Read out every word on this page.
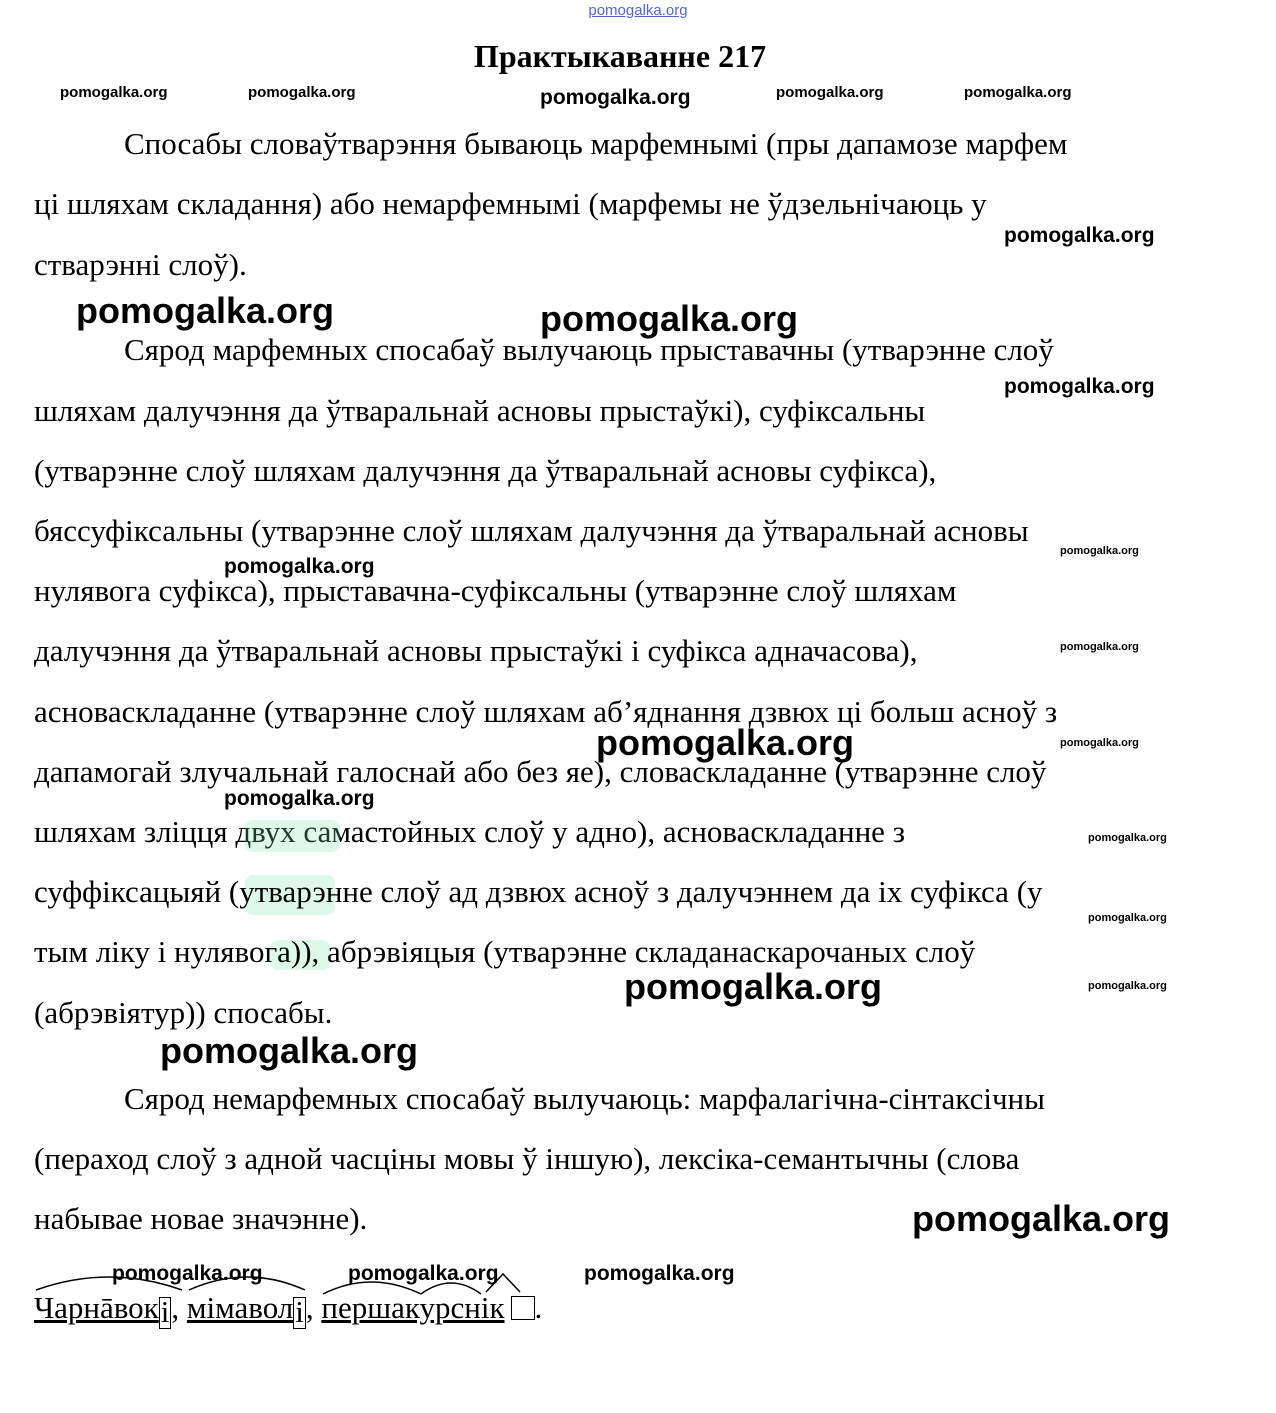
pomogalka.org
Практыкаванне 217
pomogalka.org	pomogalka.org	pomogalka.org	pomogalka.org	pomogalka.org
Спосабы словаўтварэння бываюць марфемнымі (пры дапамозе марфем
ці шляхам складання) або немарфемнымі (марфемы не ўдзельнічаюць у
стварэнні слоў).
pomogalka.org
pomogalka.org	pomogalka.org
Сярод марфемных спосабаў вылучаюць прыставачны (утварэнне слоў
шляхам далучэння да ўтваральнай асновы прыстаўкі), суфіксальны
(утварэнне слоў шляхам далучэння да ўтваральнай асновы суфікса),
бяссуфіксальны (утварэнне слоў шляхам далучэння да ўтваральнай асновы
нулявога суфікса), прыставачна-суфіксальны (утварэнне слоў шляхам
далучэння да ўтваральнай асновы прыстаўкі і суфікса адначасова),
асноваскладанне (утварэнне слоў шляхам аб’яднання дзвюх ці больш асноў з
дапамогай злучальнай галоснай або без яе), словаскладанне (утварэнне слоў
шляхам зліцця двух самастойных слоў у адно), асноваскладанне з
суффіксацыяй (утварэнне слоў ад дзвюх асноў з далучэннем да іх суфікса (у
тым ліку і нулявога)), абрэвіяцыя (утварэнне складанаскарочаных слоў
(абрэвіятур)) спосабы.
pomogalka.org
pomogalka.org
pomogalka.org
pomogalka.org
pomogalka.org	pomogalka.org
pomogalka.org
pomogalka.org
pomogalka.org
pomogalka.org	pomogalka.org
pomogalka.org
Сярод немарфемных спосабаў вылучаюць: марфалагічна-сінтаксічны
(пераход слоў з адной часціны мовы ў іншую), лексіка-семантычны (слова
набывае новае значэнне).	pomogalka.org
pomogalka.org	pomogalka.org	pomogalka.org
Чарнāвокі, мімаволі, першакурснік .
